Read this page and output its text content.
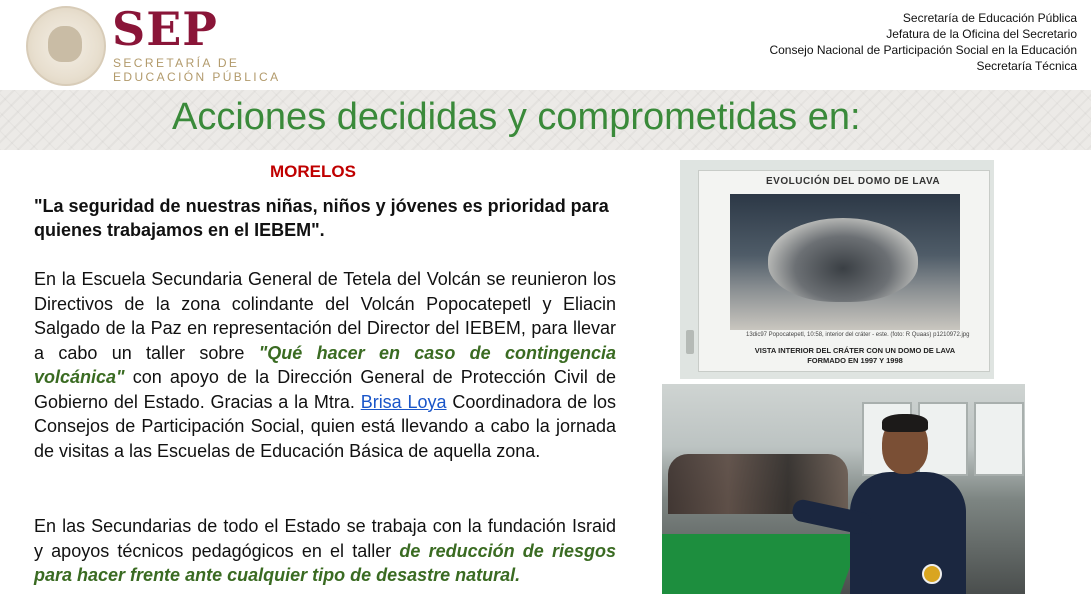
SEP
SECRETARÍA DE
EDUCACIÓN PÚBLICA
Secretaría de Educación Pública
Jefatura de la Oficina del Secretario
Consejo Nacional de Participación Social en la Educación
Secretaría Técnica
Acciones decididas y comprometidas en:
MORELOS
"La seguridad de nuestras niñas, niños y jóvenes es prioridad para quienes trabajamos en el IEBEM".
En la Escuela Secundaria General de Tetela del Volcán se reunieron los Directivos de la zona colindante del Volcán Popocatepetl y Eliacin Salgado de la Paz en representación del Director del IEBEM, para llevar a cabo un taller sobre "Qué hacer en caso de contingencia volcánica" con apoyo de la Dirección General de Protección Civil de Gobierno del Estado. Gracias a la Mtra. Brisa Loya Coordinadora de los Consejos de Participación Social, quien está llevando a cabo la jornada de visitas a las Escuelas de Educación Básica de aquella zona.
En las Secundarias de todo el Estado se trabaja con la fundación Israid y apoyos técnicos pedagógicos en el taller de reducción de riesgos para hacer frente ante cualquier tipo de desastre natural.
EVOLUCIÓN DEL DOMO DE LAVA
13dic97 Popocatepetl, 10:58, interior del cráter - este. (foto: R Quaas) p1210972.jpg
VISTA INTERIOR DEL CRÁTER CON UN DOMO DE LAVA FORMADO EN 1997 Y 1998
